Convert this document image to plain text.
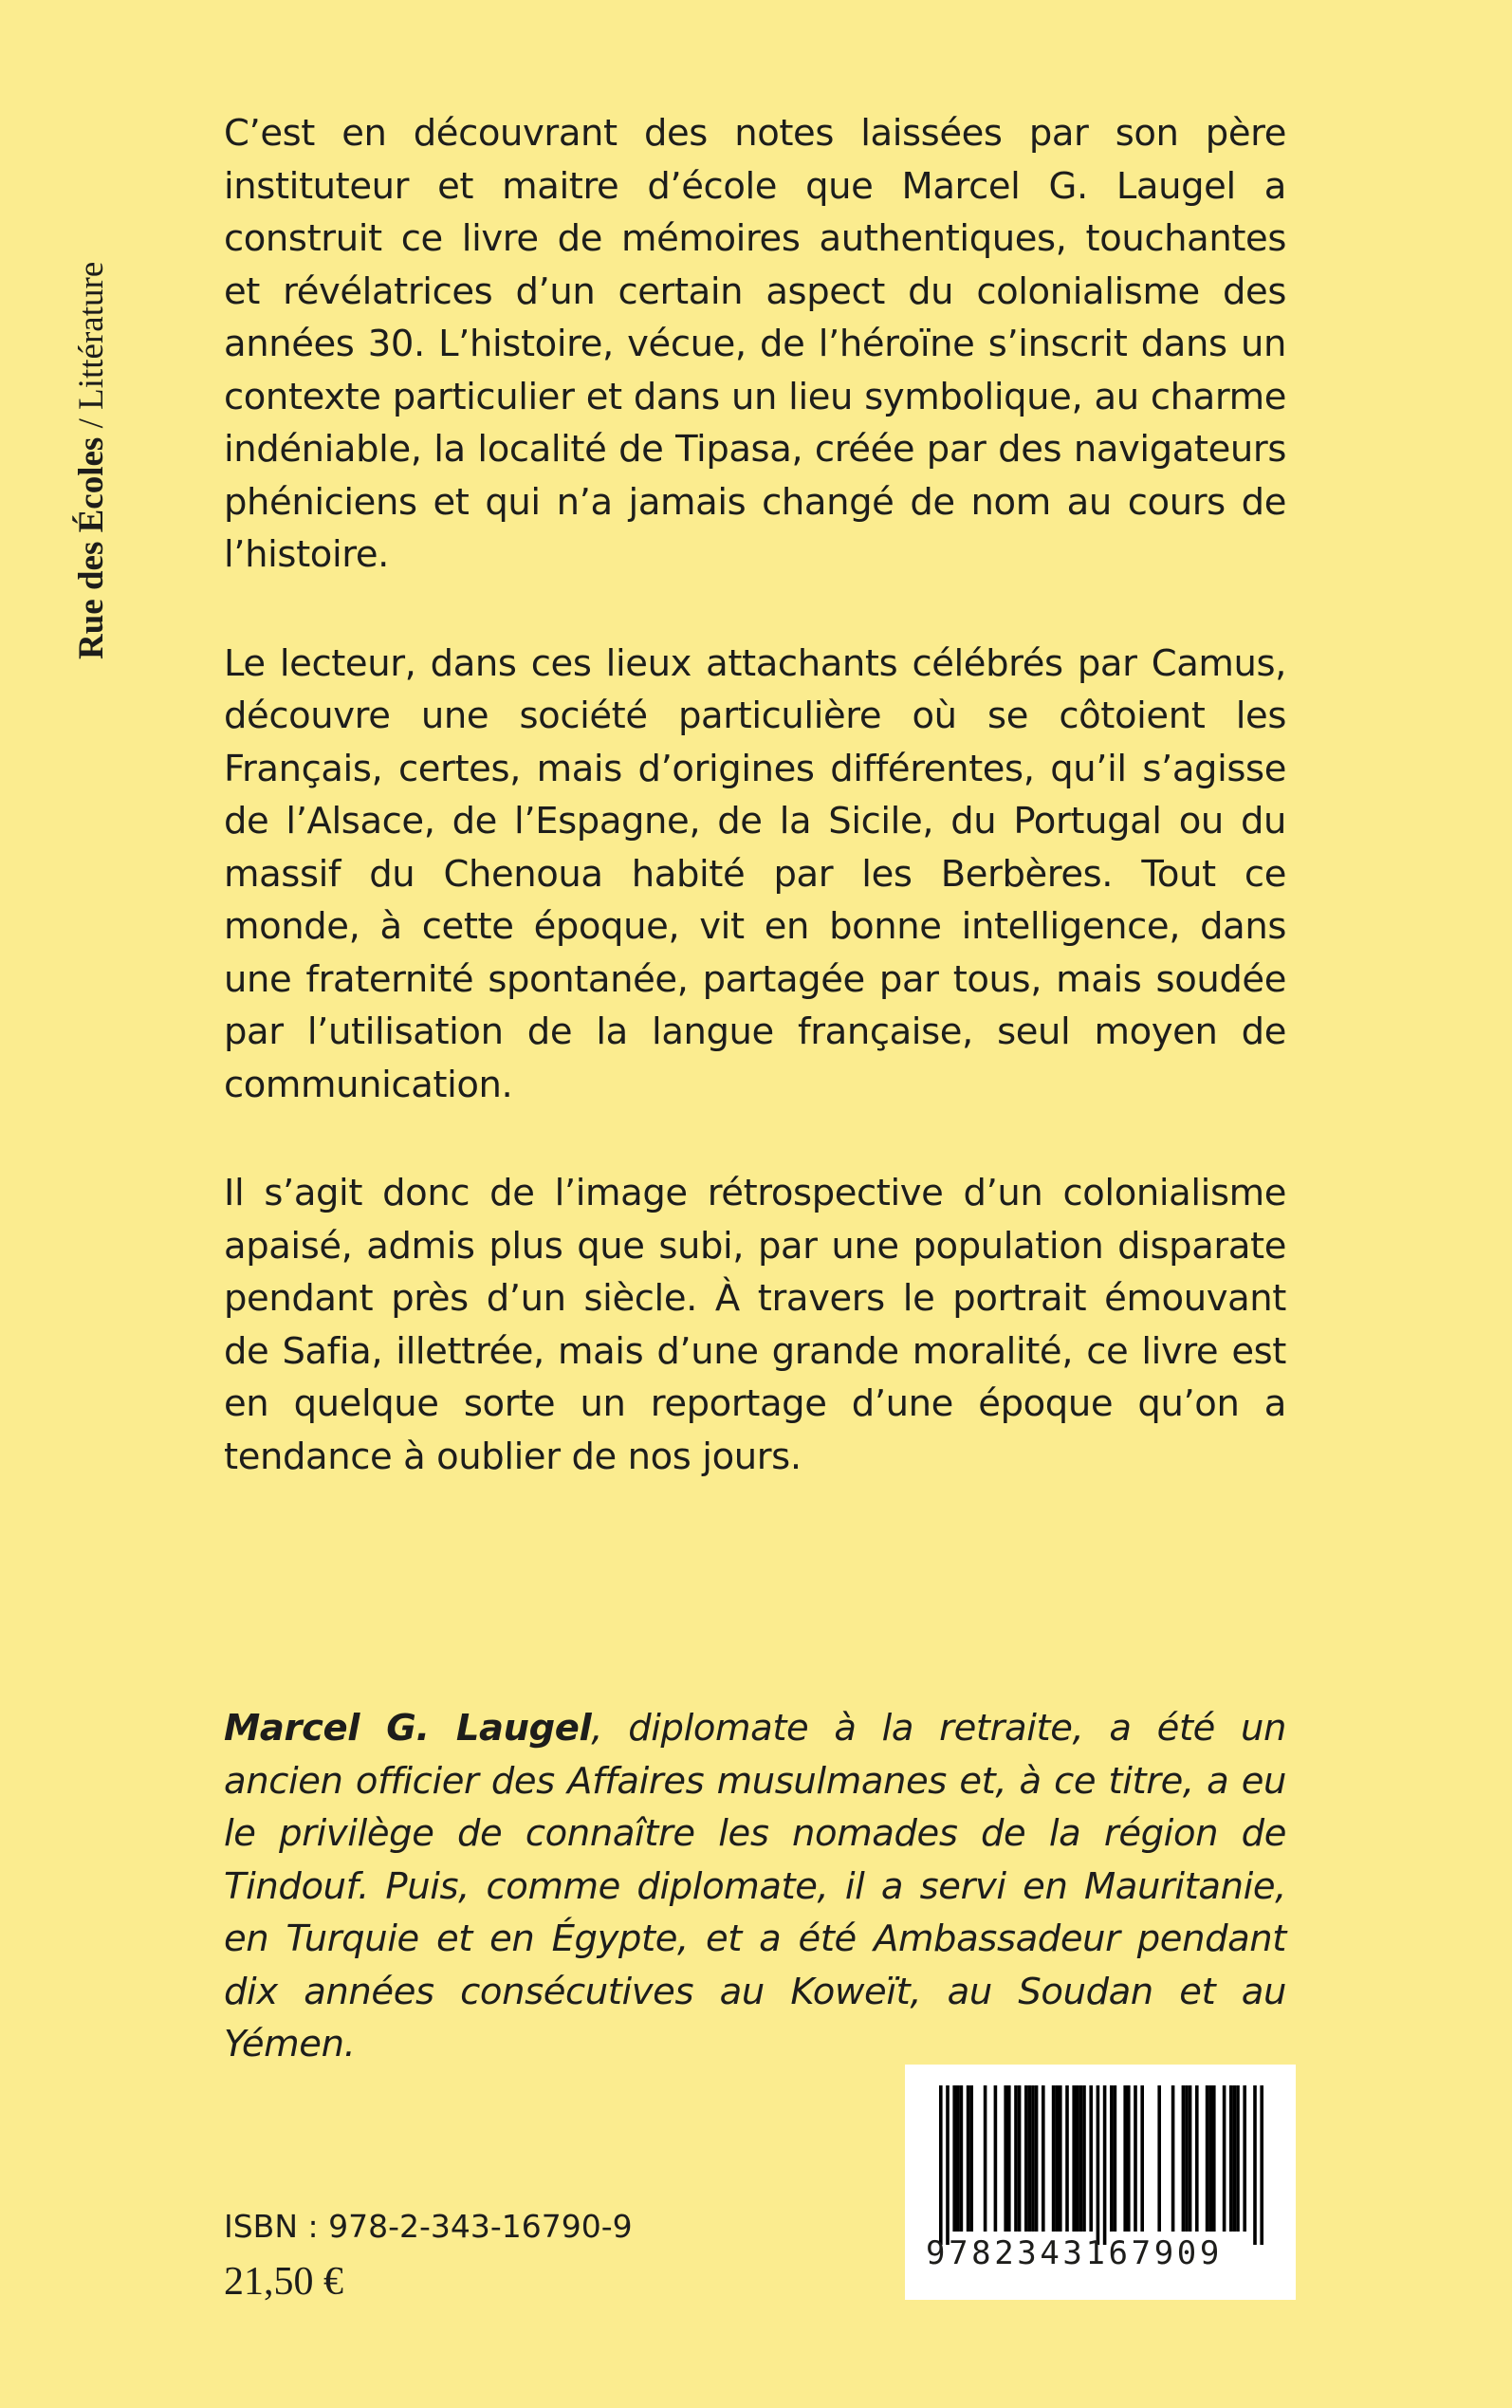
Rue des Écoles / Littérature

C’est en découvrant des notes laissées par son père instituteur et maitre d’école que Marcel G. Laugel a construit ce livre de mémoires authentiques, touchantes et révélatrices d’un certain aspect du colonialisme des années 30. L’histoire, vécue, de l’héroïne s’inscrit dans un contexte particulier et dans un lieu symbolique, au charme indéniable, la localité de Tipasa, créée par des navigateurs phéniciens et qui n’a jamais changé de nom au cours de l’histoire.

Le lecteur, dans ces lieux attachants célébrés par Camus, découvre une société particulière où se côtoient les Français, certes, mais d’origines différentes, qu’il s’agisse de l’Alsace, de l’Espagne, de la Sicile, du Portugal ou du massif du Chenoua habité par les Berbères. Tout ce monde, à cette époque, vit en bonne intelligence, dans une fraternité spontanée, partagée par tous, mais soudée par l’utilisation de la langue française, seul moyen de communication.

Il s’agit donc de l’image rétrospective d’un colonialisme apaisé, admis plus que subi, par une population disparate pendant près d’un siècle. À travers le portrait émouvant de Safia, illettrée, mais d’une grande moralité, ce livre est en quelque sorte un reportage d’une époque qu’on a tendance à oublier de nos jours.

Marcel G. Laugel, diplomate à la retraite, a été un ancien officier des Affaires musulmanes et, à ce titre, a eu le privilège de connaître les nomades de la région de Tindouf. Puis, comme diplomate, il a servi en Mauritanie, en Turquie et en Égypte, et a été Ambassadeur pendant dix années consécutives au Koweït, au Soudan et au Yémen.

ISBN : 978-2-343-16790-9
21,50 €
9782343167909
